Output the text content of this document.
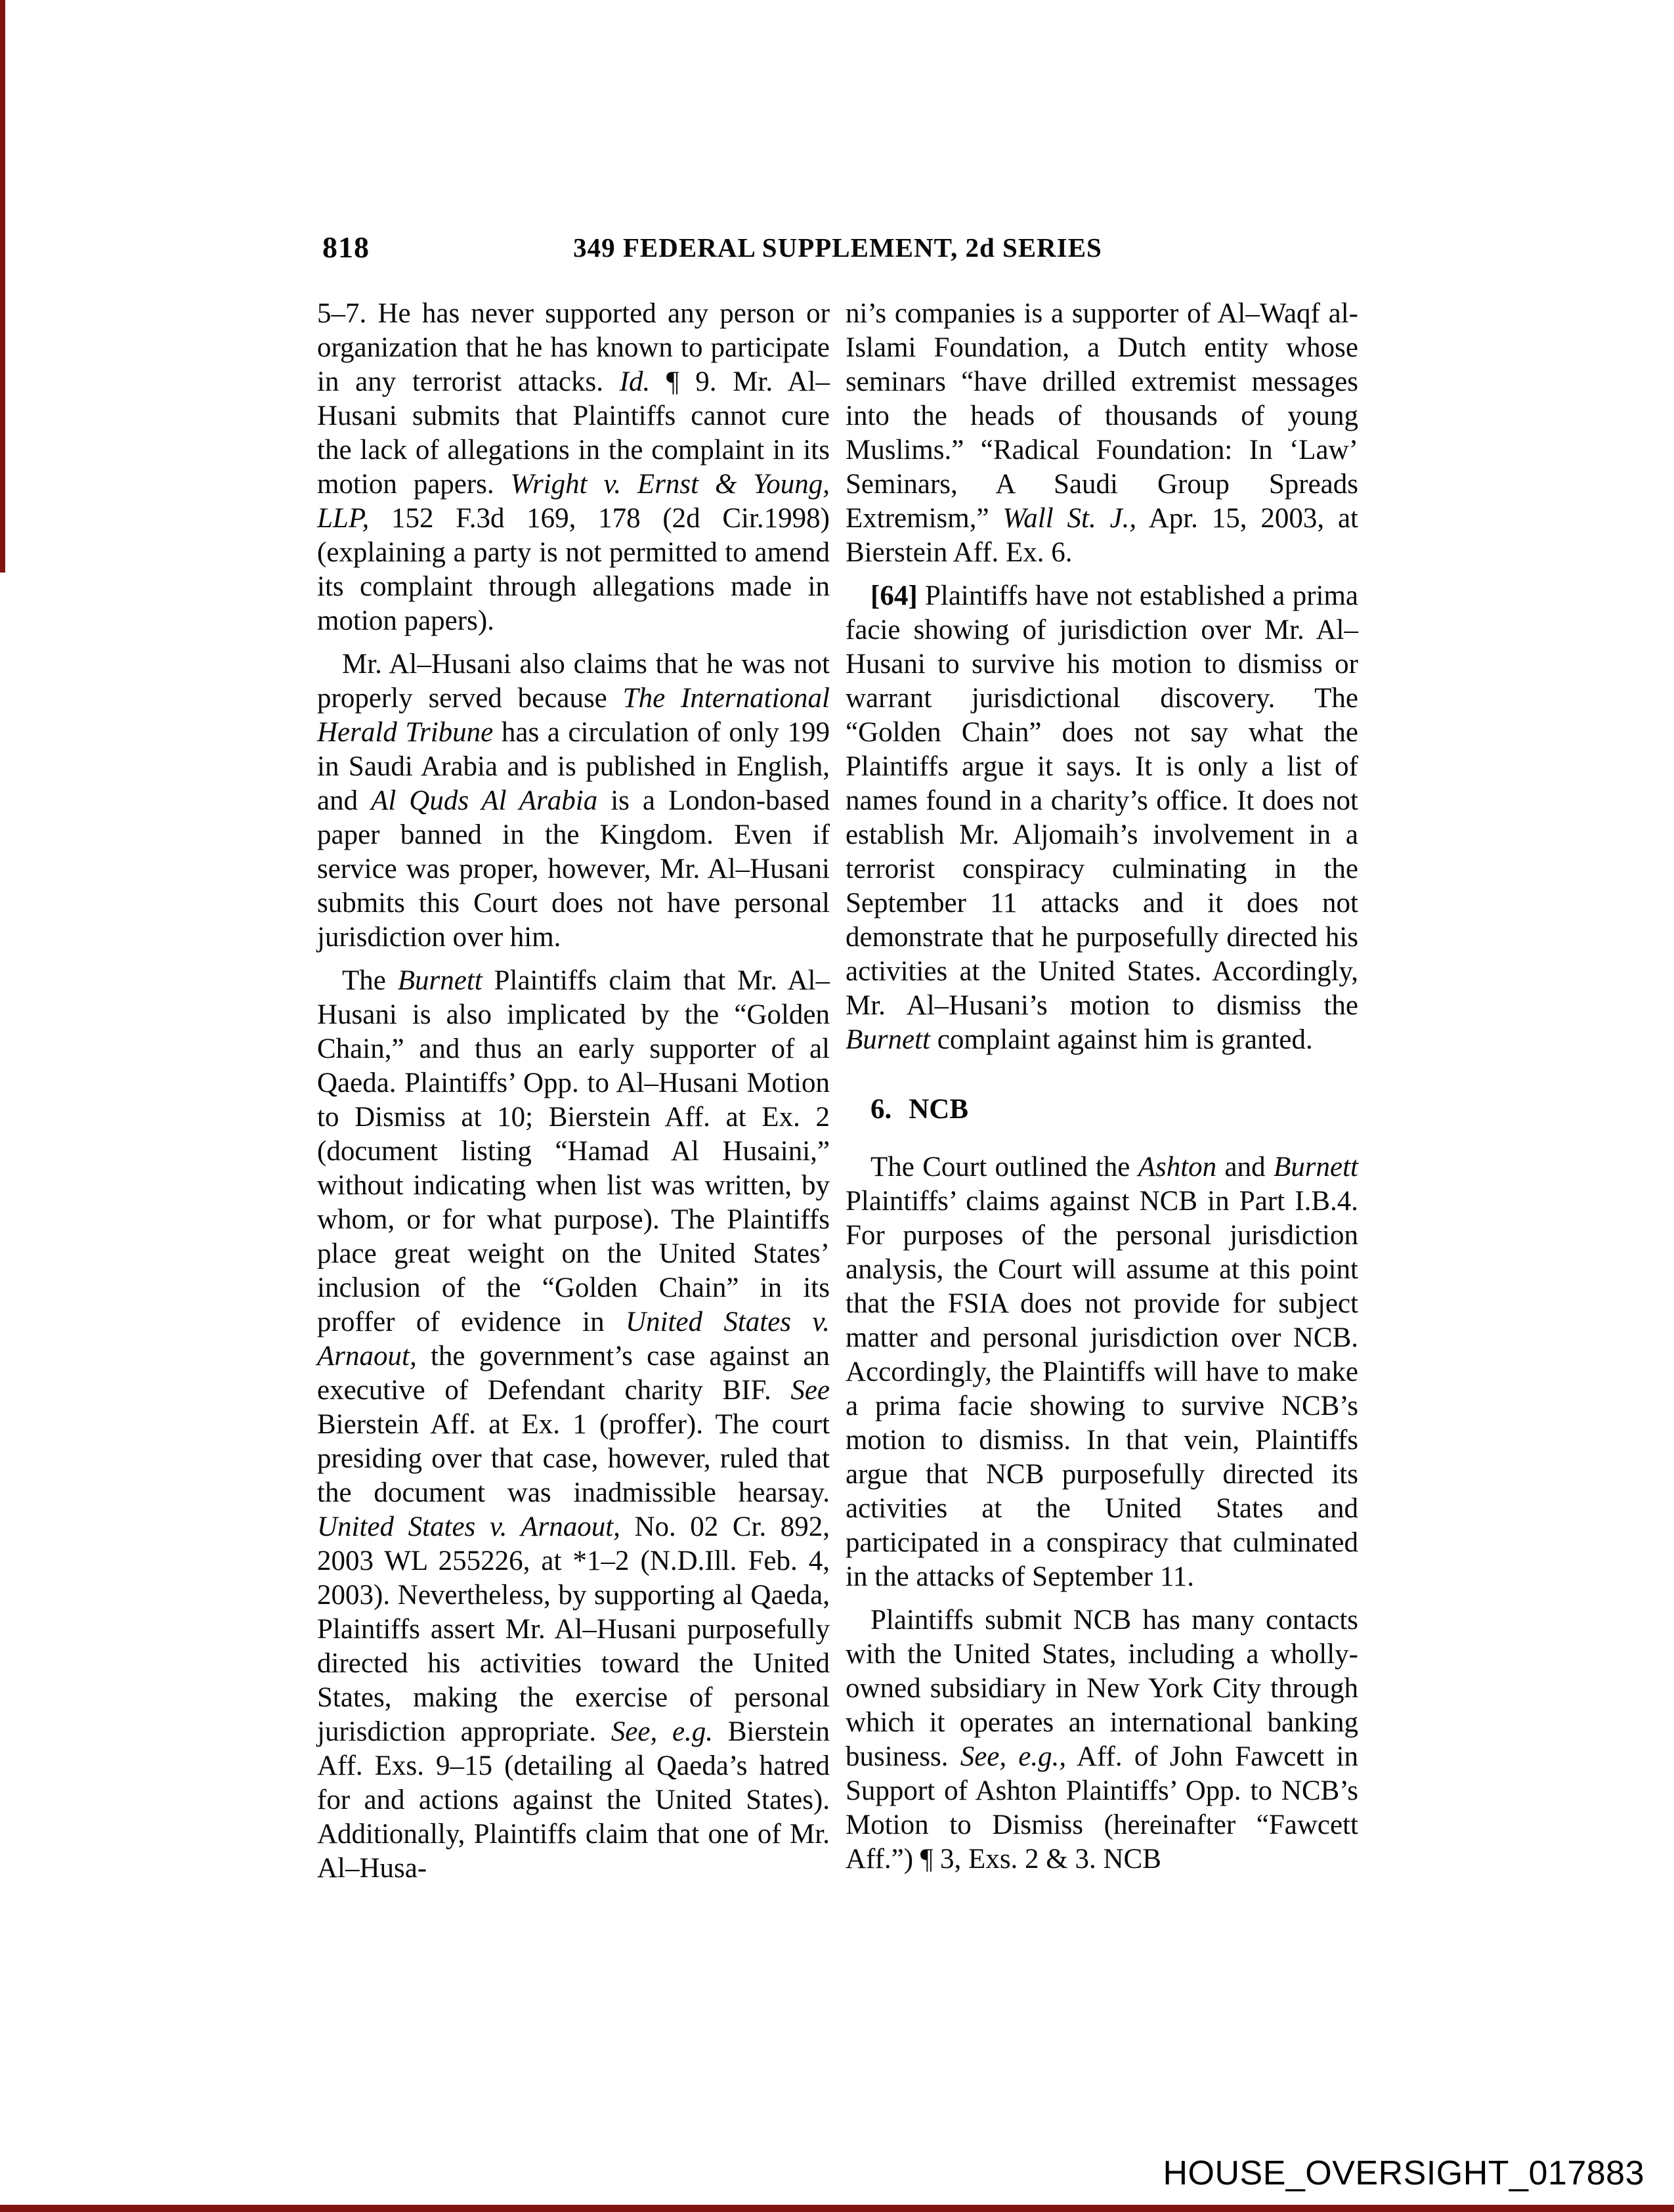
818	349 FEDERAL SUPPLEMENT, 2d SERIES

5–7. He has never supported any person or organization that he has known to participate in any terrorist attacks. Id. ¶ 9. Mr. Al–Husani submits that Plaintiffs cannot cure the lack of allegations in the complaint in its motion papers. Wright v. Ernst & Young, LLP, 152 F.3d 169, 178 (2d Cir.1998) (explaining a party is not permitted to amend its complaint through allegations made in motion papers).

Mr. Al–Husani also claims that he was not properly served because The International Herald Tribune has a circulation of only 199 in Saudi Arabia and is published in English, and Al Quds Al Arabia is a London-based paper banned in the Kingdom. Even if service was proper, however, Mr. Al–Husani submits this Court does not have personal jurisdiction over him.

The Burnett Plaintiffs claim that Mr. Al–Husani is also implicated by the “Golden Chain,” and thus an early supporter of al Qaeda. Plaintiffs’ Opp. to Al–Husani Motion to Dismiss at 10; Bierstein Aff. at Ex. 2 (document listing “Hamad Al Husaini,” without indicating when list was written, by whom, or for what purpose). The Plaintiffs place great weight on the United States’ inclusion of the “Golden Chain” in its proffer of evidence in United States v. Arnaout, the government’s case against an executive of Defendant charity BIF. See Bierstein Aff. at Ex. 1 (proffer). The court presiding over that case, however, ruled that the document was inadmissible hearsay. United States v. Arnaout, No. 02 Cr. 892, 2003 WL 255226, at *1–2 (N.D.Ill. Feb. 4, 2003). Nevertheless, by supporting al Qaeda, Plaintiffs assert Mr. Al–Husani purposefully directed his activities toward the United States, making the exercise of personal jurisdiction appropriate. See, e.g. Bierstein Aff. Exs. 9–15 (detailing al Qaeda’s hatred for and actions against the United States). Additionally, Plaintiffs claim that one of Mr. Al–Husa-

ni’s companies is a supporter of Al–Waqf al-Islami Foundation, a Dutch entity whose seminars “have drilled extremist messages into the heads of thousands of young Muslims.” “Radical Foundation: In ‘Law’ Seminars, A Saudi Group Spreads Extremism,” Wall St. J., Apr. 15, 2003, at Bierstein Aff. Ex. 6.

[64] Plaintiffs have not established a prima facie showing of jurisdiction over Mr. Al–Husani to survive his motion to dismiss or warrant jurisdictional discovery. The “Golden Chain” does not say what the Plaintiffs argue it says. It is only a list of names found in a charity’s office. It does not establish Mr. Aljomaih’s involvement in a terrorist conspiracy culminating in the September 11 attacks and it does not demonstrate that he purposefully directed his activities at the United States. Accordingly, Mr. Al–Husani’s motion to dismiss the Burnett complaint against him is granted.

6. NCB

The Court outlined the Ashton and Burnett Plaintiffs’ claims against NCB in Part I.B.4. For purposes of the personal jurisdiction analysis, the Court will assume at this point that the FSIA does not provide for subject matter and personal jurisdiction over NCB. Accordingly, the Plaintiffs will have to make a prima facie showing to survive NCB’s motion to dismiss. In that vein, Plaintiffs argue that NCB purposefully directed its activities at the United States and participated in a conspiracy that culminated in the attacks of September 11.

Plaintiffs submit NCB has many contacts with the United States, including a wholly-owned subsidiary in New York City through which it operates an international banking business. See, e.g., Aff. of John Fawcett in Support of Ashton Plaintiffs’ Opp. to NCB’s Motion to Dismiss (hereinafter “Fawcett Aff.”) ¶ 3, Exs. 2 & 3. NCB

HOUSE_OVERSIGHT_017883
